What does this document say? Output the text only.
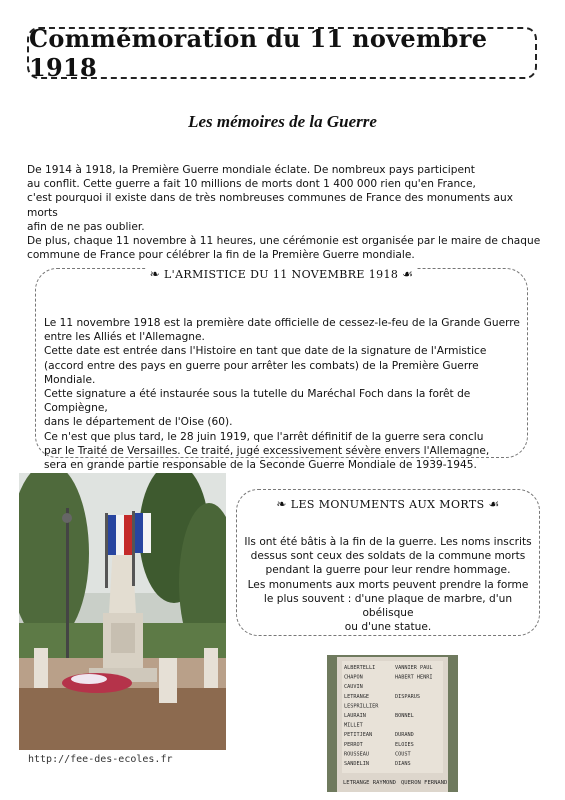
Commémoration du 11 novembre 1918
Les mémoires de la Guerre

De 1914 à 1918, la Première Guerre mondiale éclate. De nombreux pays participent

au conflit. Cette guerre a fait 10 millions de morts dont 1 400 000 rien qu'en France,

c'est pourquoi il existe dans de très nombreuses communes de France des monuments aux morts

afin de ne pas oublier.

De plus, chaque 11 novembre à 11 heures, une cérémonie est organisée par le maire de chaque

commune de France pour célébrer la fin de la Première Guerre mondiale.

❧ L'ARMISTICE DU 11 NOVEMBRE 1918 ☙

Le 11 novembre 1918 est la première date officielle de cessez-le-feu de la Grande Guerre

entre les Alliés et l'Allemagne.

Cette date est entrée dans l'Histoire en tant que date de la signature de l'Armistice

(accord entre des pays en guerre pour arrêter les combats) de la Première Guerre Mondiale.

Cette signature a été instaurée sous la tutelle du Maréchal Foch dans la forêt de Compiègne,

dans le département de l'Oise (60).

Ce n'est que plus tard, le 28 juin 1919, que l'arrêt définitif de la guerre sera conclu

par le Traité de Versailles. Ce traité, jugé excessivement sévère envers l'Allemagne,

sera en grande partie responsable de la Seconde Guerre Mondiale de 1939-1945.

❧ LES MONUMENTS AUX MORTS ☙

Ils ont été bâtis à la fin de la guerre. Les noms inscrits

dessus sont ceux des soldats de la commune morts

pendant la guerre pour leur rendre hommage.

Les monuments aux morts peuvent prendre la forme

le plus souvent : d'une plaque de marbre, d'un obélisque

ou d'une statue.

ALBERTELLI	VANNIER PAUL
CHAPON	HABERT HENRI
CAUVIN
LETRANGE	DISPARUS
LESPRILLIER
LAURAIN	BONNEL
MILLET
PETITJEAN	DURAND
PERROT	ELOIES
ROUSSEAU	COUST
SANDELIN	DIANS
LETRANGE RAYMOND QUERON FERNAND
http://fee-des-ecoles.fr
